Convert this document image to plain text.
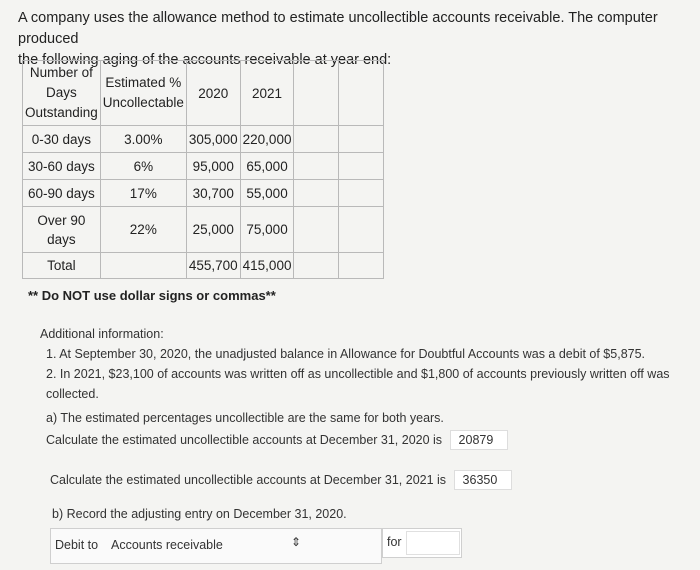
A company uses the allowance method to estimate uncollectible accounts receivable. The computer produced
the following aging of the accounts receivable at year end:
Number of Days Outstanding	Estimated % Uncollectable	2020	2021		
0-30 days	3.00%	305,000	220,000		
30-60 days	6%	95,000	65,000		
60-90 days	17%	30,700	55,000		
Over 90 days	22%	25,000	75,000		
Total		455,700	415,000		
** Do NOT use dollar signs or commas**

Additional information:

1. At September 30, 2020, the unadjusted balance in Allowance for Doubtful Accounts was a debit of $5,875.

2. In 2021, $23,100 of accounts was written off as uncollectible and $1,800 of accounts previously written off was collected.

a) The estimated percentages uncollectible are the same for both years.

Calculate the estimated uncollectible accounts at December 31, 2020 is 20879
Calculate the estimated uncollectible accounts at December 31, 2021 is 36350
b) Record the adjusting entry on December 31, 2020.
Debit to Accounts receivable	⇕	for
